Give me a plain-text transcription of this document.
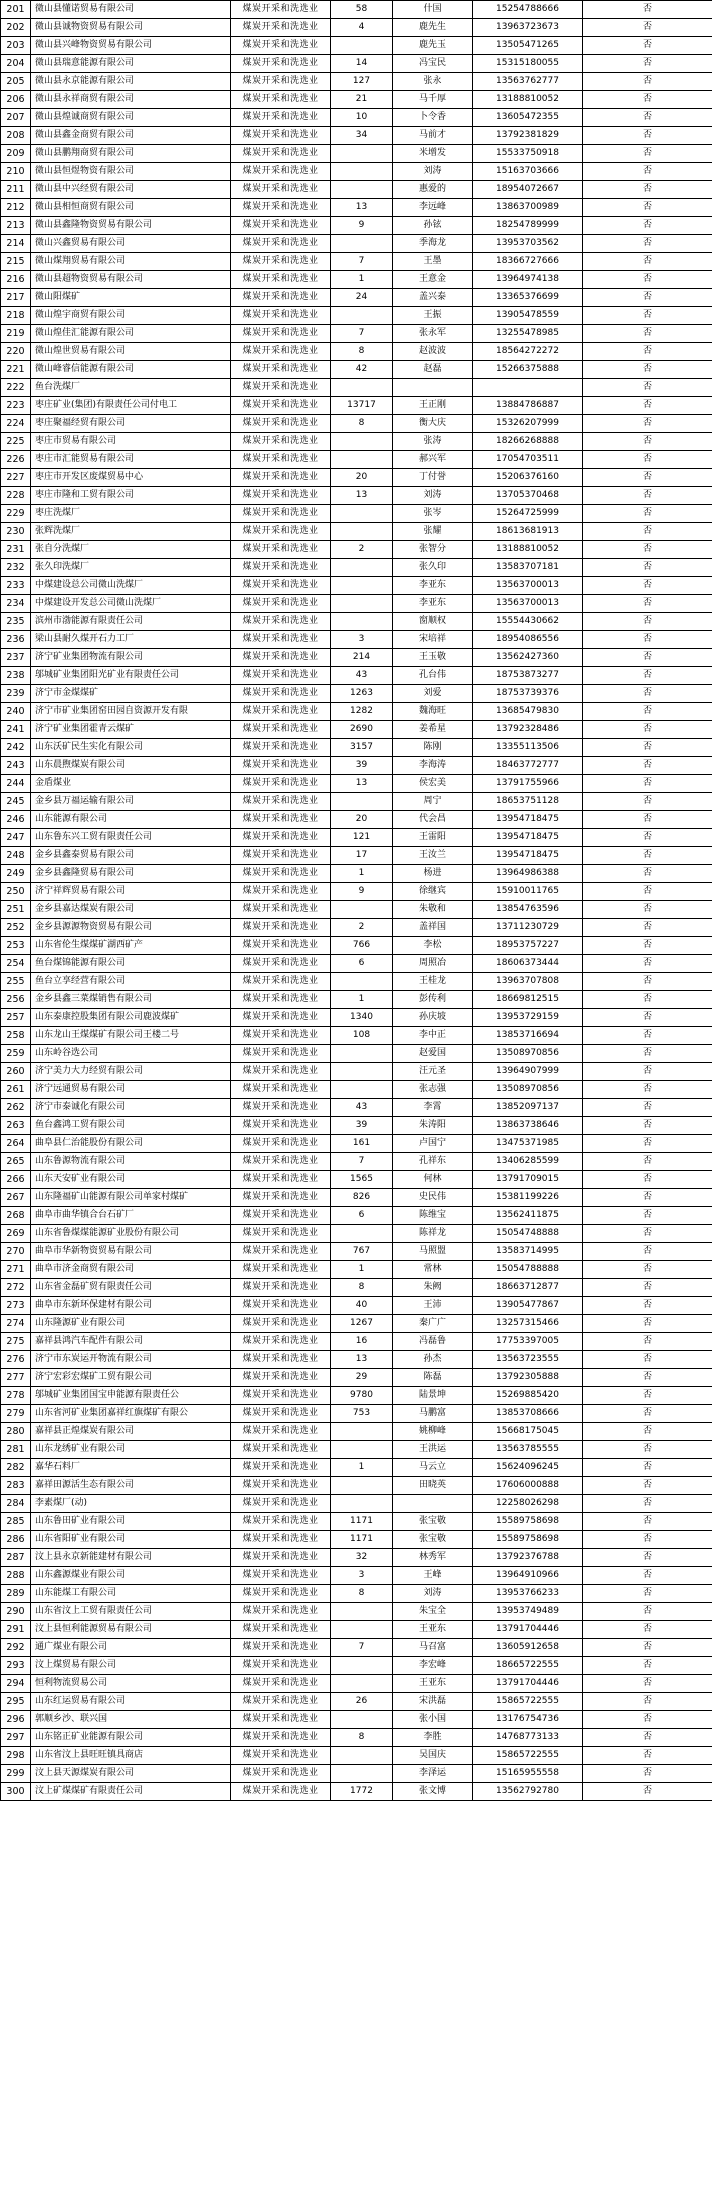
201	微山县懂诺贸易有限公司	煤炭开采和洗选业	58	什国	15254788666	否
202	微山县诚物资贸易有限公司	煤炭开采和洗选业	4	鹿先生	13963723673	否
203	微山县兴峰物资贸易有限公司	煤炭开采和洗选业		鹿先玉	13505471265	否
204	微山县瑞意能源有限公司	煤炭开采和洗选业	14	冯宝民	15315180055	否
205	微山县永京能源有限公司	煤炭开采和洗选业	127	张永	13563762777	否
206	微山县永祥商贸有限公司	煤炭开采和洗选业	21	马千厚	13188810052	否
207	微山县煌诚商贸有限公司	煤炭开采和洗选业	10	卜令香	13605472355	否
208	微山县鑫金商贸有限公司	煤炭开采和洗选业	34	马前才	13792381829	否
209	微山县鹏翔商贸有限公司	煤炭开采和洗选业		米增发	15533750918	否
210	微山县恒煜物资有限公司	煤炭开采和洗选业		刘涛	15163703666	否
211	微山县中兴经贸有限公司	煤炭开采和洗选业		惠爱的	18954072667	否
212	微山县相恒商贸有限公司	煤炭开采和洗选业	13	李远峰	13863700989	否
213	微山县鑫隆物资贸易有限公司	煤炭开采和洗选业	9	孙铉	18254789999	否
214	微山兴鑫贸易有限公司	煤炭开采和洗选业		季海龙	13953703562	否
215	微山煤翔贸易有限公司	煤炭开采和洗选业	7	王墨	18366727666	否
216	微山县超物资贸易有限公司	煤炭开采和洗选业	1	王意金	13964974138	否
217	微山阳煤矿	煤炭开采和洗选业	24	盖兴泰	13365376699	否
218	微山煌宇商贸有限公司	煤炭开采和洗选业		王振	13905478559	否
219	微山煌佳汇能源有限公司	煤炭开采和洗选业	7	张永军	13255478985	否
220	微山煌世贸易有限公司	煤炭开采和洗选业	8	赵波波	18564272272	否
221	微山峰睿信能源有限公司	煤炭开采和洗选业	42	赵磊	15266375888	否
222	鱼台洗煤厂	煤炭开采和洗选业				否
223	枣庄矿业(集团)有限责任公司付电工	煤炭开采和洗选业	13717	王正刚	13884786887	否
224	枣庄聚福经贸有限公司	煤炭开采和洗选业	8	衡大庆	15326207999	否
225	枣庄市贸易有限公司	煤炭开采和洗选业		张涛	18266268888	否
226	枣庄市汇能贸易有限公司	煤炭开采和洗选业		郝兴军	17054703511	否
227	枣庄市开发区废煤贸易中心	煤炭开采和洗选业	20	丁付誉	15206376160	否
228	枣庄市隆和工贸有限公司	煤炭开采和洗选业	13	刘涛	13705370468	否
229	枣庄洗煤厂	煤炭开采和洗选业		张岑	15264725999	否
230	张辉洗煤厂	煤炭开采和洗选业		张耀	18613681913	否
231	张自分洗煤厂	煤炭开采和洗选业	2	张智分	13188810052	否
232	张久印洗煤厂	煤炭开采和洗选业		张久印	13583707181	否
233	中煤建设总公司微山洗煤厂	煤炭开采和洗选业		李亚东	13563700013	否
234	中煤建设开发总公司微山洗煤厂	煤炭开采和洗选业		李亚东	13563700013	否
235	滨州市渤能源有限责任公司	煤炭开采和洗选业		窗顺权	15554430662	否
236	梁山县耐久煤开石力工厂	煤炭开采和洗选业	3	宋培祥	18954086556	否
237	济宁矿业集团物流有限公司	煤炭开采和洗选业	214	王玉敬	13562427360	否
238	邬城矿业集团阳光矿业有限责任公司	煤炭开采和洗选业	43	孔台伟	18753873277	否
239	济宁市金煤煤矿	煤炭开采和洗选业	1263	刘爱	18753739376	否
240	济宁市矿业集团窑田园自资源开发有限	煤炭开采和洗选业	1282	魏海旺	13685479830	否
241	济宁矿业集团霍青云煤矿	煤炭开采和洗选业	2690	姜希星	13792328486	否
242	山东沃矿民生实化有限公司	煤炭开采和洗选业	3157	陈刚	13355113506	否
243	山东晨煦煤炭有限公司	煤炭开采和洗选业	39	李海涛	18463772777	否
244	金盾煤业	煤炭开采和洗选业	13	侯宏美	13791755966	否
245	金乡县万福运输有限公司	煤炭开采和洗选业		周宁	18653751128	否
246	山东能源有限公司	煤炭开采和洗选业	20	代会昌	13954718475	否
247	山东鲁东兴工贸有限责任公司	煤炭开采和洗选业	121	王雷阳	13954718475	否
248	金乡县鑫泰贸易有限公司	煤炭开采和洗选业	17	王汝兰	13954718475	否
249	金乡县鑫隆贸易有限公司	煤炭开采和洗选业	1	杨进	13964986388	否
250	济宁祥辉贸易有限公司	煤炭开采和洗选业	9	徐继宾	15910011765	否
251	金乡县嘉达煤炭有限公司	煤炭开采和洗选业		朱敬和	13854763596	否
252	金乡县源源物资贸易有限公司	煤炭开采和洗选业	2	盖祥国	13711230729	否
253	山东省伦生煤煤矿湖西矿产	煤炭开采和洗选业	766	李松	18953757227	否
254	鱼台煤锦能源有限公司	煤炭开采和洗选业	6	周照冶	18606373444	否
255	鱼台立享经营有限公司	煤炭开采和洗选业		王桂龙	13963707808	否
256	金乡县鑫三菜煤销售有限公司	煤炭开采和洗选业	1	彭传利	18669812515	否
257	山东泰康控股集团有限公司鹿波煤矿	煤炭开采和洗选业	1340	孙庆坡	13953729159	否
258	山东龙山王煤煤矿有限公司王楼二号	煤炭开采和洗选业	108	李中正	13853716694	否
259	山东岭谷选公司	煤炭开采和洗选业		赵爱国	13508970856	否
260	济宁美力大力经贸有限公司	煤炭开采和洗选业		汪元圣	13964907999	否
261	济宁远通贸易有限公司	煤炭开采和洗选业		张志强	13508970856	否
262	济宁市泰诚化有限公司	煤炭开采和洗选业	43	李霄	13852097137	否
263	鱼台鑫鸿工贸有限公司	煤炭开采和洗选业	39	朱涛阳	13863738646	否
264	曲阜县仁治能股份有限公司	煤炭开采和洗选业	161	卢国宁	13475371985	否
265	山东鲁源物流有限公司	煤炭开采和洗选业	7	孔祥东	13406285599	否
266	山东天安矿业有限公司	煤炭开采和洗选业	1565	何林	13791709015	否
267	山东隆福矿山能源有限公司单家村煤矿	煤炭开采和洗选业	826	史民伟	15381199226	否
268	曲阜市曲华镇合台石矿厂	煤炭开采和洗选业	6	陈维宝	13562411875	否
269	山东省鲁煤煤能源矿业股份有限公司	煤炭开采和洗选业		陈祥龙	15054748888	否
270	曲阜市华新物资贸易有限公司	煤炭开采和洗选业	767	马照盟	13583714995	否
271	曲阜市济金商贸有限公司	煤炭开采和洗选业	1	常林	15054788888	否
272	山东省金磊矿贸有限责任公司	煤炭开采和洗选业	8	朱阙	18663712877	否
273	曲阜市东新环保建材有限公司	煤炭开采和洗选业	40	王沛	13905477867	否
274	山东隆源矿业有限公司	煤炭开采和洗选业	1267	秦广广	13257315466	否
275	嘉祥县鸿汽车配件有限公司	煤炭开采和洗选业	16	冯磊鲁	17753397005	否
276	济宁市东炭运开物流有限公司	煤炭开采和洗选业	13	孙杰	13563723555	否
277	济宁宏彩宏煤矿工贸有限公司	煤炭开采和洗选业	29	陈磊	13792305888	否
278	邬城矿业集团国宝申能源有限责任公	煤炭开采和洗选业	9780	陆景坤	15269885420	否
279	山东省河矿业集团嘉祥红旗煤矿有限公	煤炭开采和洗选业	753	马鹏富	13853708666	否
280	嘉祥县正煌煤炭有限公司	煤炭开采和洗选业		姚柳峰	15668175045	否
281	山东龙绣矿业有限公司	煤炭开采和洗选业		王洪运	13563785555	否
282	嘉华石料厂	煤炭开采和洗选业	1	马云立	15624096245	否
283	嘉祥田源活生态有限公司	煤炭开采和洗选业		田晓英	17606000888	否
284	李素煤厂(动)	煤炭开采和洗选业			12258026298	否
285	山东鲁田矿业有限公司	煤炭开采和洗选业	1171	张宝敬	15589758698	否
286	山东省阳矿业有限公司	煤炭开采和洗选业	1171	张宝敬	15589758698	否
287	汶上县永京新能建材有限公司	煤炭开采和洗选业	32	林秀军	13792376788	否
288	山东鑫源煤业有限公司	煤炭开采和洗选业	3	王峰	13964910966	否
289	山东能煤工有限公司	煤炭开采和洗选业	8	刘涛	13953766233	否
290	山东省汶上工贸有限责任公司	煤炭开采和洗选业		朱宝全	13953749489	否
291	汶上县恒利能源贸易有限公司	煤炭开采和洗选业		王亚东	13791704446	否
292	通广煤业有限公司	煤炭开采和洗选业	7	马召富	13605912658	否
293	汶上煤贸易有限公司	煤炭开采和洗选业		李宏峰	18665722555	否
294	恒利物流贸易公司	煤炭开采和洗选业		王亚东	13791704446	否
295	山东红运贸易有限公司	煤炭开采和洗选业	26	宋洪磊	15865722555	否
296	郭顺乡沙、联兴国	煤炭开采和洗选业		张小国	13176754736	否
297	山东铭正矿业能源有限公司	煤炭开采和洗选业	8	李胜	14768773133	否
298	山东省汶上县旺旺镇具商店	煤炭开采和洗选业		吴国庆	15865722555	否
299	汶上县天源煤炭有限公司	煤炭开采和洗选业		李泽运	15165955558	否
300	汶上矿煤煤矿有限责任公司	煤炭开采和洗选业	1772	张文博	13562792780	否
